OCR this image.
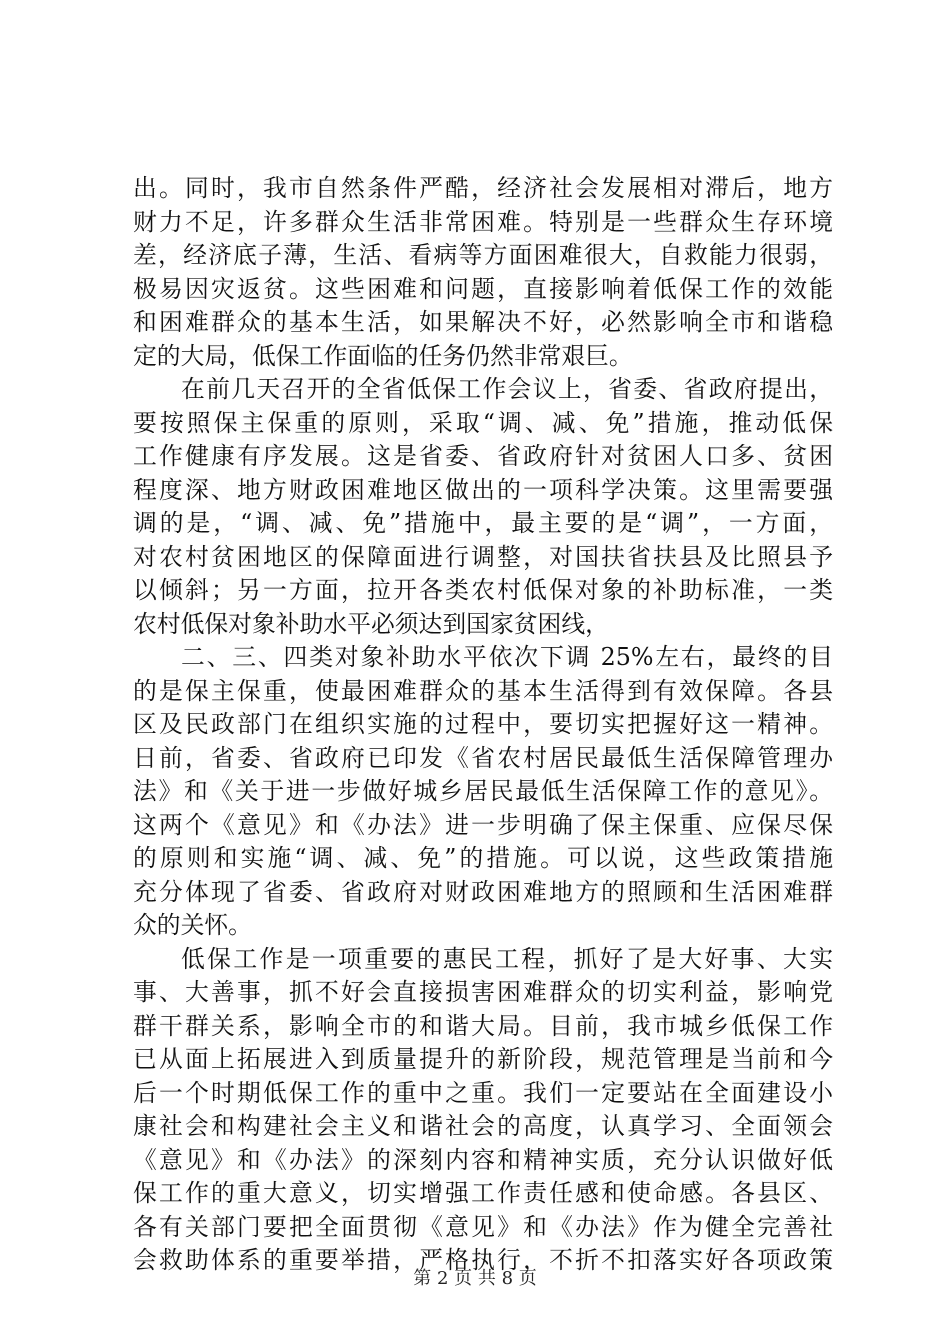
出。同时，我市自然条件严酷，经济社会发展相对滞后，地方
财力不足，许多群众生活非常困难。特别是一些群众生存环境
差，经济底子薄，生活、看病等方面困难很大，自救能力很弱，
极易因灾返贫。这些困难和问题，直接影响着低保工作的效能
和困难群众的基本生活，如果解决不好，必然影响全市和谐稳
定的大局，低保工作面临的任务仍然非常艰巨。
在前几天召开的全省低保工作会议上，省委、省政府提出，
要按照保主保重的原则，采取“调、减、免”措施，推动低保
工作健康有序发展。这是省委、省政府针对贫困人口多、贫困
程度深、地方财政困难地区做出的一项科学决策。这里需要强
调的是，“调、减、免”措施中，最主要的是“调”，一方面，
对农村贫困地区的保障面进行调整，对国扶省扶县及比照县予
以倾斜；另一方面，拉开各类农村低保对象的补助标准，一类
农村低保对象补助水平必须达到国家贫困线，
二、三、四类对象补助水平依次下调 25%左右，最终的目
的是保主保重，使最困难群众的基本生活得到有效保障。各县
区及民政部门在组织实施的过程中，要切实把握好这一精神。
日前，省委、省政府已印发《省农村居民最低生活保障管理办
法》和《关于进一步做好城乡居民最低生活保障工作的意见》。
这两个《意见》和《办法》进一步明确了保主保重、应保尽保
的原则和实施“调、减、免”的措施。可以说，这些政策措施
充分体现了省委、省政府对财政困难地方的照顾和生活困难群
众的关怀。
低保工作是一项重要的惠民工程，抓好了是大好事、大实
事、大善事，抓不好会直接损害困难群众的切实利益，影响党
群干群关系，影响全市的和谐大局。目前，我市城乡低保工作
已从面上拓展进入到质量提升的新阶段，规范管理是当前和今
后一个时期低保工作的重中之重。我们一定要站在全面建设小
康社会和构建社会主义和谐社会的高度，认真学习、全面领会
《意见》和《办法》的深刻内容和精神实质，充分认识做好低
保工作的重大意义，切实增强工作责任感和使命感。各县区、
各有关部门要把全面贯彻《意见》和《办法》作为健全完善社
会救助体系的重要举措，严格执行，不折不扣落实好各项政策
第 2 页 共 8 页
